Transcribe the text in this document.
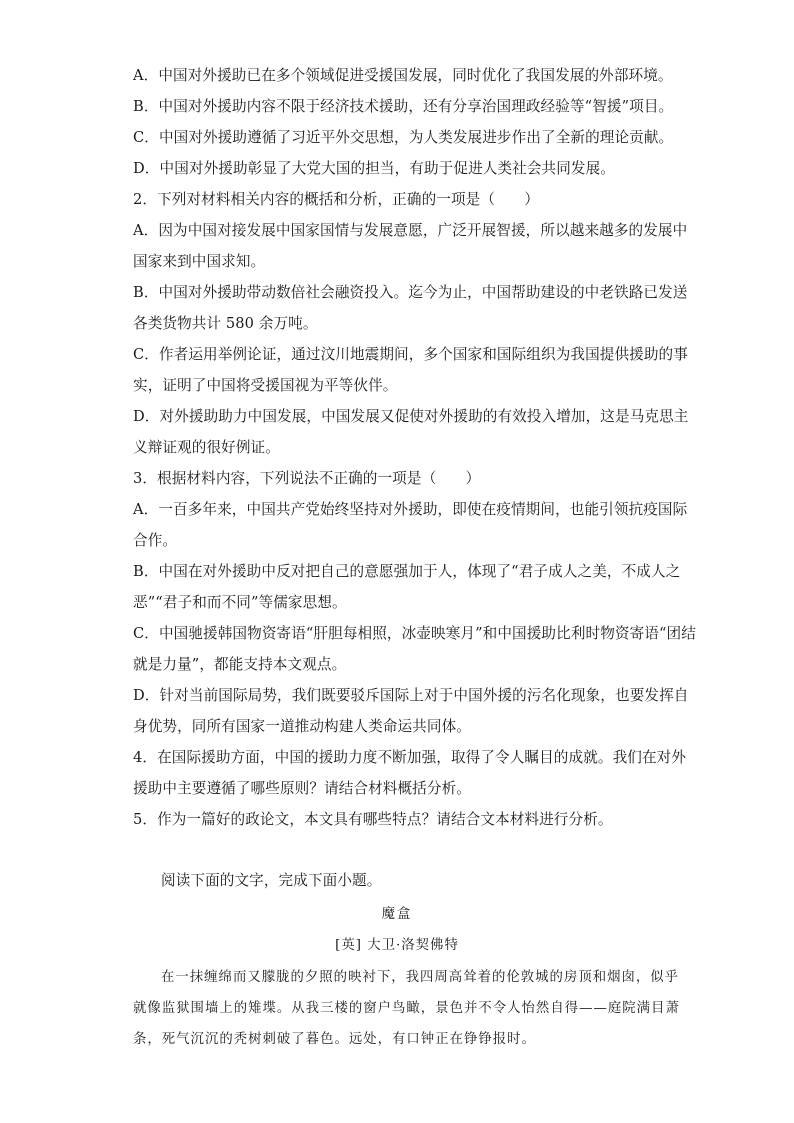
A．中国对外援助已在多个领域促进受援国发展，同时优化了我国发展的外部环境。
B．中国对外援助内容不限于经济技术援助，还有分享治国理政经验等“智援”项目。
C．中国对外援助遵循了习近平外交思想，为人类发展进步作出了全新的理论贡献。
D．中国对外援助彰显了大党大国的担当，有助于促进人类社会共同发展。
2．下列对材料相关内容的概括和分析，正确的一项是（　　）
A．因为中国对接发展中国家国情与发展意愿，广泛开展智援，所以越来越多的发展中
国家来到中国求知。
B．中国对外援助带动数倍社会融资投入。迄今为止，中国帮助建设的中老铁路已发送
各类货物共计 580 余万吨。
C．作者运用举例论证，通过汶川地震期间，多个国家和国际组织为我国提供援助的事
实，证明了中国将受援国视为平等伙伴。
D．对外援助助力中国发展，中国发展又促使对外援助的有效投入增加，这是马克思主
义辩证观的很好例证。
3．根据材料内容，下列说法不正确的一项是（　　）
A．一百多年来，中国共产党始终坚持对外援助，即使在疫情期间，也能引领抗疫国际
合作。
B．中国在对外援助中反对把自己的意愿强加于人，体现了“君子成人之美，不成人之
恶”“君子和而不同”等儒家思想。
C．中国驰援韩国物资寄语“肝胆每相照，冰壶映寒月”和中国援助比利时物资寄语“团结
就是力量”，都能支持本文观点。
D．针对当前国际局势，我们既要驳斥国际上对于中国外援的污名化现象，也要发挥自
身优势，同所有国家一道推动构建人类命运共同体。
4．在国际援助方面，中国的援助力度不断加强，取得了令人瞩目的成就。我们在对外
援助中主要遵循了哪些原则？请结合材料概括分析。
5．作为一篇好的政论文，本文具有哪些特点？请结合文本材料进行分析。
阅读下面的文字，完成下面小题。
魔盒
[英] 大卫·洛契佛特
在一抹缠绵而又朦胧的夕照的映衬下，我四周高耸着的伦敦城的房顶和烟囱，似乎
就像监狱围墙上的雉堞。从我三楼的窗户鸟瞰，景色并不令人怡然自得——庭院满目萧
条，死气沉沉的秃树刺破了暮色。远处，有口钟正在铮铮报时。
